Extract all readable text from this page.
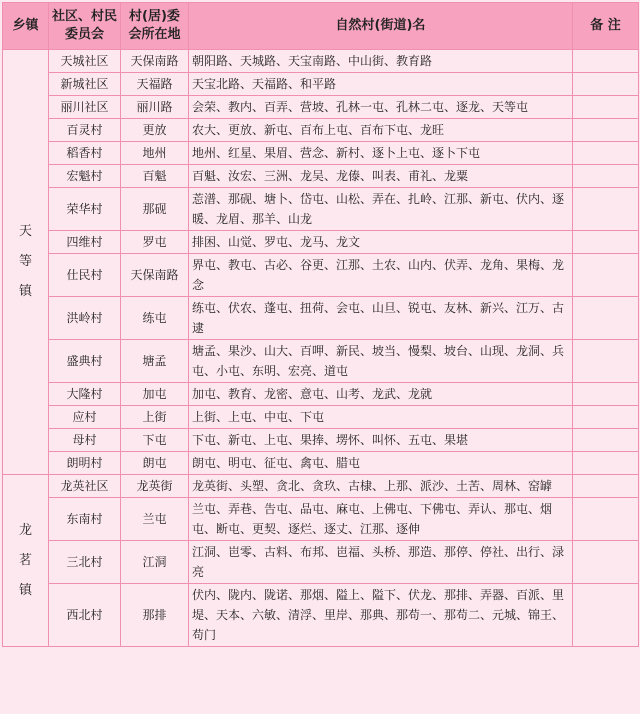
乡镇	社区、村民委员会	村(居)委会所在地	自然村(街道)名	备 注

天
等
镇	天城社区	天保南路	朝阳路、天城路、天宝南路、中山街、教育路	
	新城社区	天福路	天宝北路、天福路、和平路	
	丽川社区	丽川路	会荣、教内、百弄、营坡、孔林一屯、孔林二屯、逐龙、天等屯	
	百灵村	更放	农大、更放、新屯、百布上屯、百布下屯、龙旺	
	稻香村	地州	地州、红星、果眉、营念、新村、逐卜上屯、逐卜下屯	
	宏魁村	百魁	百魁、汝宏、三洲、龙吴、龙傣、叫表、甫礼、龙粟	
	荣华村	那砚	莣潽、那砚、塘卜、岱屯、山松、弄在、扎岭、江那、新屯、伏内、逐暖、龙眉、那羊、山龙	
	四维村	罗屯	排困、山觉、罗屯、龙马、龙文	
	仕民村	天保南路	界屯、教屯、古必、谷更、江那、土农、山内、伏弄、龙角、果梅、龙念	
	洪岭村	练屯	练屯、伏农、蓬屯、扭荷、会屯、山旦、锐屯、友林、新兴、江万、古逮	
	盛典村	塘孟	塘孟、果沙、山大、百呷、新民、坡当、慢梨、坡台、山现、龙洞、兵屯、小屯、东明、宏亮、道屯	
	大隆村	加屯	加屯、教育、龙密、意屯、山考、龙武、龙就	
	应村	上街	上街、上屯、中屯、下屯	
	母村	下屯	下屯、新屯、上屯、果捧、塄怀、叫怀、五屯、果堪	
	朗明村	朗屯	朗屯、明屯、征屯、禽屯、腊屯	

龙
茗
镇	龙英社区	龙英街	龙英街、头塑、贪北、贪玖、古棣、上那、派沙、土苦、周林、窑罅	
	东南村	兰屯	兰屯、弄巷、告屯、品屯、麻屯、上佛屯、下佛屯、弄认、那屯、烟屯、断屯、更契、逐烂、逐丈、江那、逐伸	
	三北村	江洞	江洞、岜零、古料、布邦、岜福、头桥、那造、那停、停社、出行、渌亮	
	西北村	那排	伏内、陇内、陇诺、那烟、隘上、隘下、伏龙、那排、弄器、百派、里堤、天本、六敏、清浮、里岸、那典、那苟一、那苟二、元城、锦王、苟门	
